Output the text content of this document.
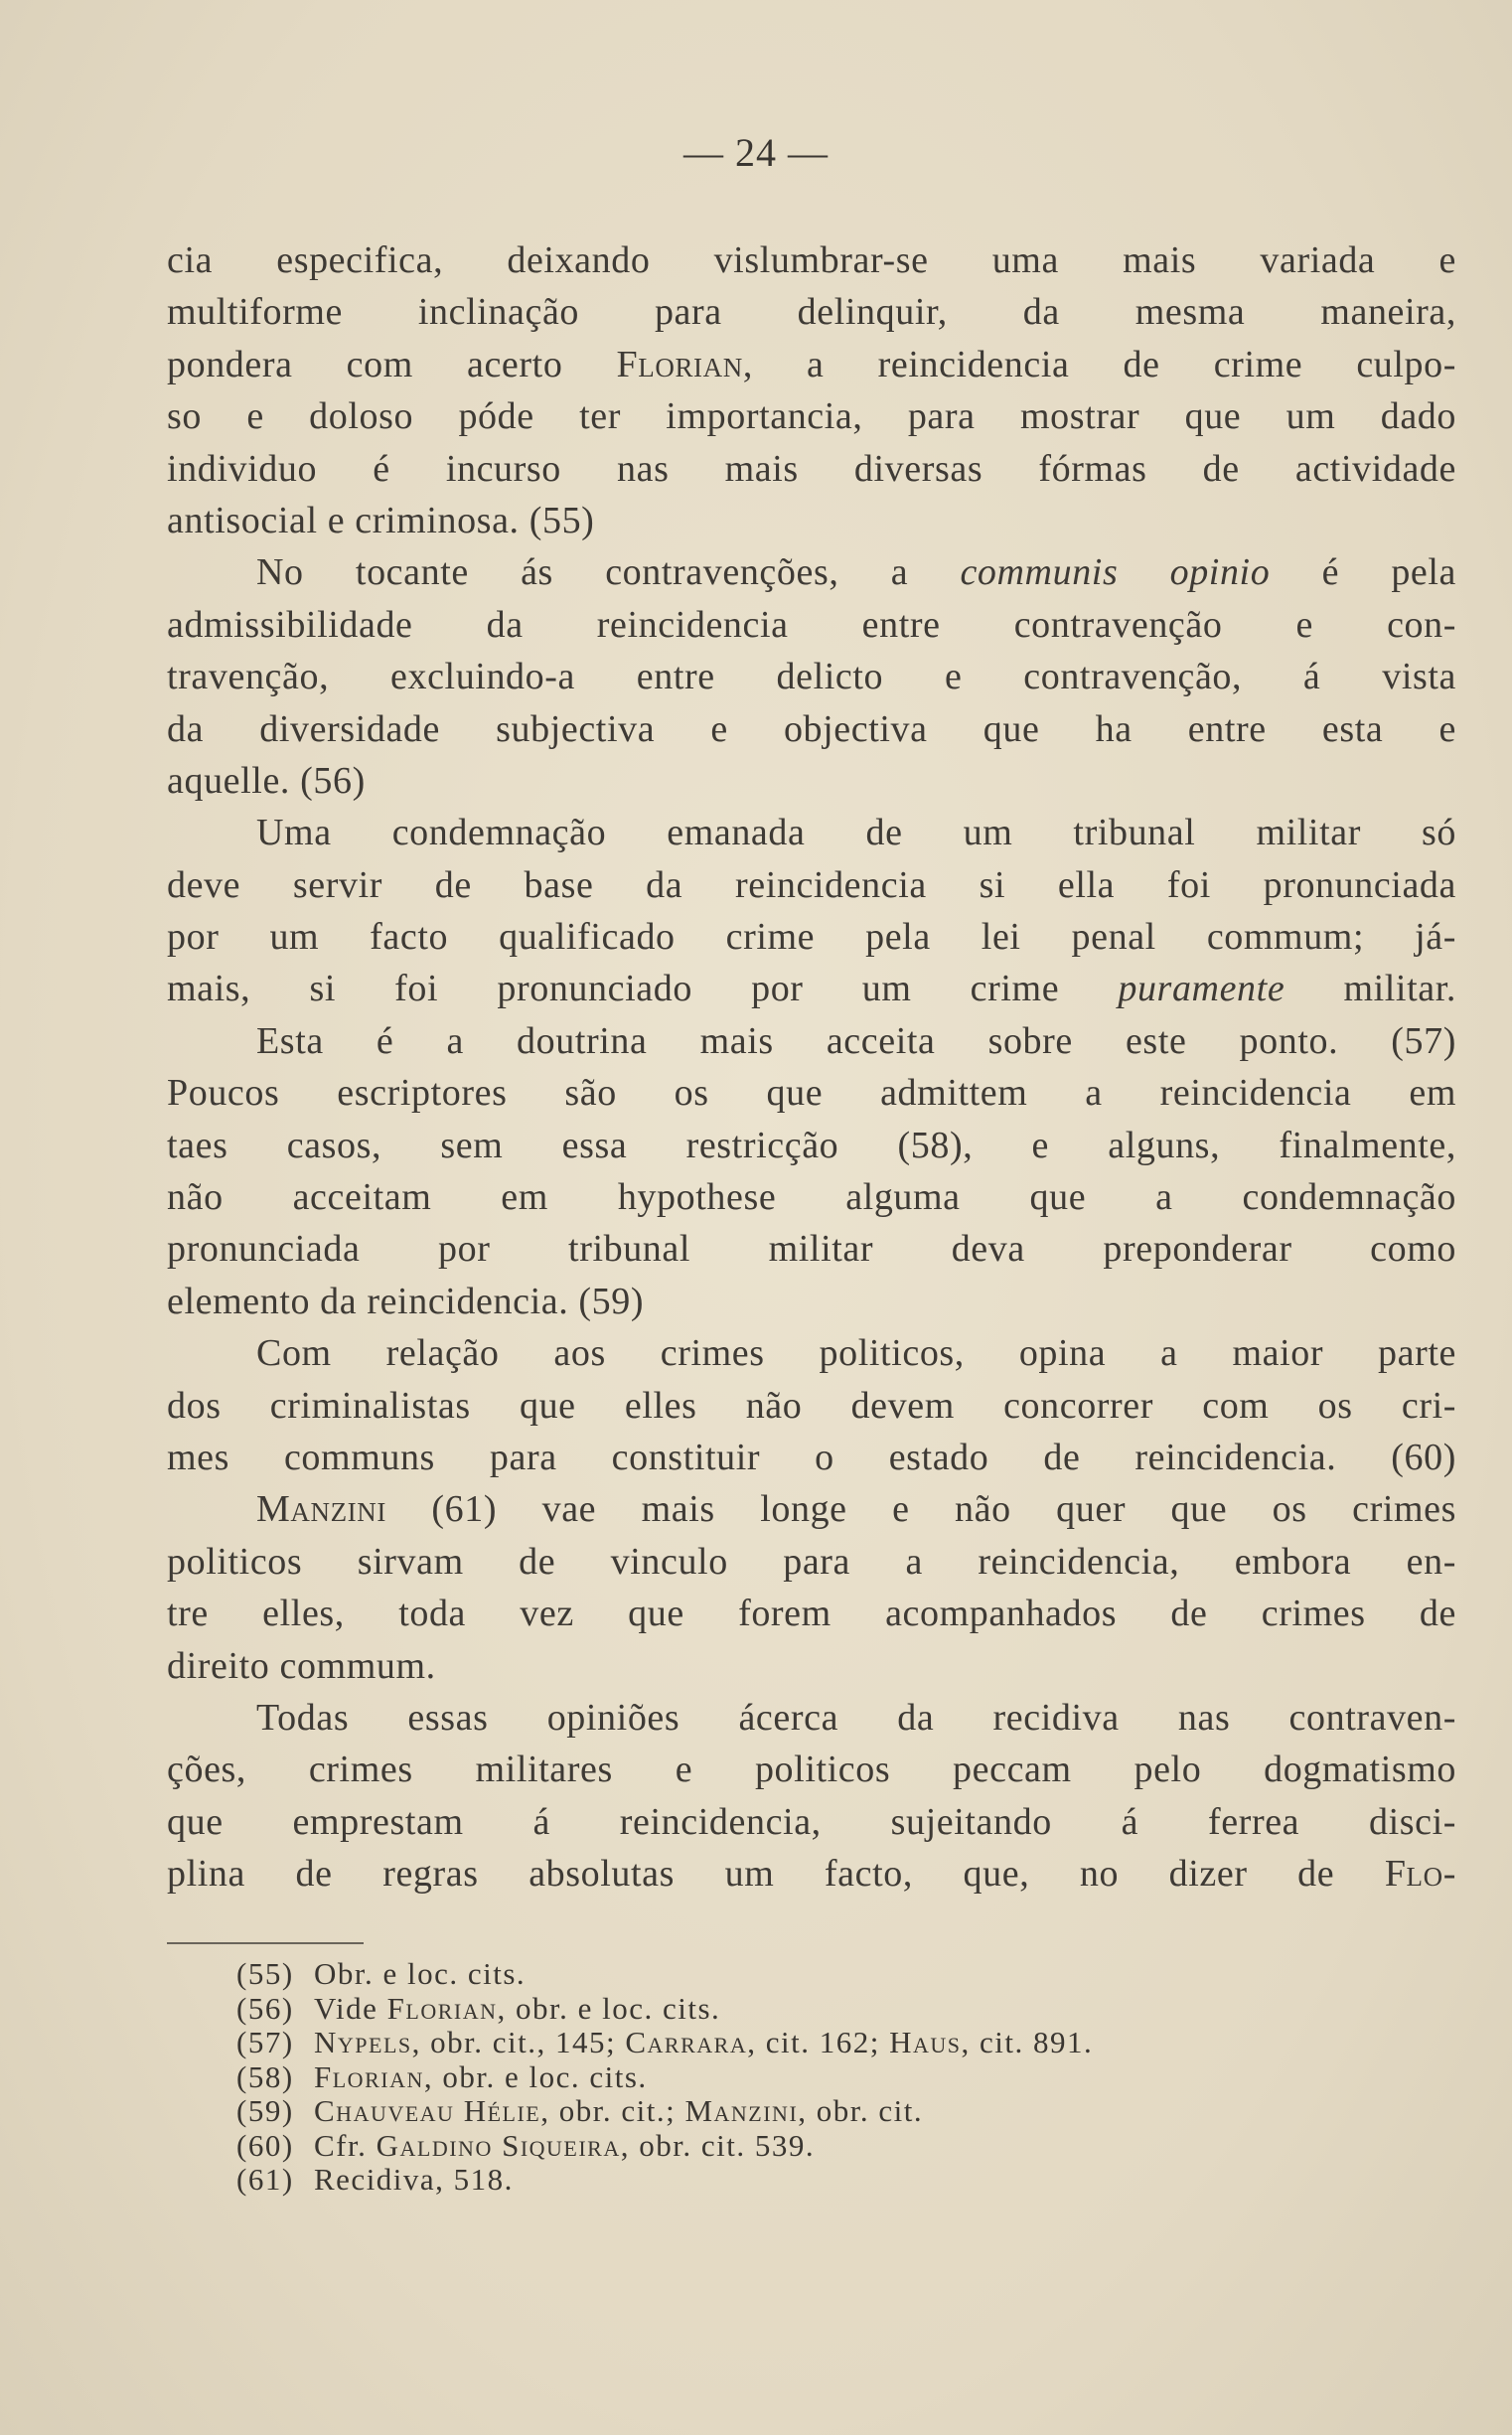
— 24 —
cia especifica, deixando vislumbrar-se uma mais variada e
multiforme inclinação para delinquir, da mesma maneira,
pondera com acerto Florian, a reincidencia de crime culpo-
so e doloso póde ter importancia, para mostrar que um dado
individuo é incurso nas mais diversas fórmas de actividade
antisocial e criminosa. (55)
No tocante ás contravenções, a communis opinio é pela
admissibilidade da reincidencia entre contravenção e con-
travenção, excluindo-a entre delicto e contravenção, á vista
da diversidade subjectiva e objectiva que ha entre esta e
aquelle. (56)
Uma condemnação emanada de um tribunal militar só
deve servir de base da reincidencia si ella foi pronunciada
por um facto qualificado crime pela lei penal commum; já-
mais, si foi pronunciado por um crime puramente militar.
Esta é a doutrina mais acceita sobre este ponto. (57)
Poucos escriptores são os que admittem a reincidencia em
taes casos, sem essa restricção (58), e alguns, finalmente,
não acceitam em hypothese alguma que a condemnação
pronunciada por tribunal militar deva preponderar como
elemento da reincidencia. (59)
Com relação aos crimes politicos, opina a maior parte
dos criminalistas que elles não devem concorrer com os cri-
mes communs para constituir o estado de reincidencia. (60)
Manzini (61) vae mais longe e não quer que os crimes
politicos sirvam de vinculo para a reincidencia, embora en-
tre elles, toda vez que forem acompanhados de crimes de
direito commum.
Todas essas opiniões ácerca da recidiva nas contraven-
ções, crimes militares e politicos peccam pelo dogmatismo
que emprestam á reincidencia, sujeitando á ferrea disci-
plina de regras absolutas um facto, que, no dizer de Flo-
(55) Obr. e loc. cits.
(56) Vide Florian, obr. e loc. cits.
(57) Nypels, obr. cit., 145; Carrara, cit. 162; Haus, cit. 891.
(58) Florian, obr. e loc. cits.
(59) Chauveau Hélie, obr. cit.; Manzini, obr. cit.
(60) Cfr. Galdino Siqueira, obr. cit. 539.
(61) Recidiva, 518.
